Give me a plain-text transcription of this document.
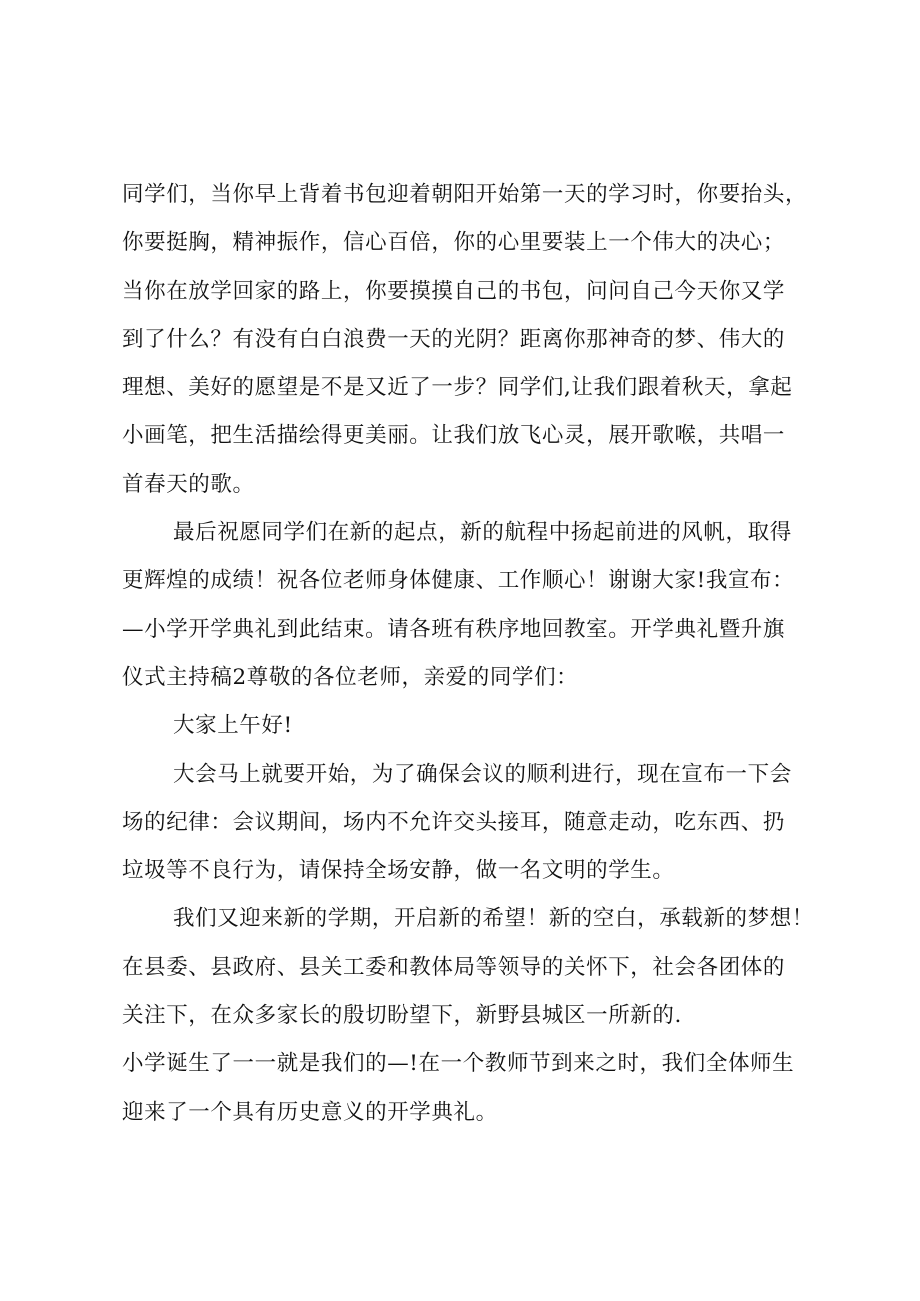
同学们，当你早上背着书包迎着朝阳开始第一天的学习时，你要抬头，
你要挺胸，精神振作，信心百倍，你的心里要装上一个伟大的决心；
当你在放学回家的路上，你要摸摸自己的书包，问问自己今天你又学
到了什么？有没有白白浪费一天的光阴？距离你那神奇的梦、伟大的
理想、美好的愿望是不是又近了一步？同学们,让我们跟着秋天，拿起
小画笔，把生活描绘得更美丽。让我们放飞心灵，展开歌喉，共唱一
首春天的歌。
最后祝愿同学们在新的起点，新的航程中扬起前进的风帆，取得
更辉煌的成绩！祝各位老师身体健康、工作顺心！谢谢大家!我宣布：
—小学开学典礼到此结束。请各班有秩序地回教室。开学典礼暨升旗
仪式主持稿2尊敬的各位老师，亲爱的同学们：
大家上午好!
大会马上就要开始，为了确保会议的顺利进行，现在宣布一下会
场的纪律：会议期间，场内不允许交头接耳，随意走动，吃东西、扔
垃圾等不良行为，请保持全场安静，做一名文明的学生。
我们又迎来新的学期，开启新的希望！新的空白，承载新的梦想！
在县委、县政府、县关工委和教体局等领导的关怀下，社会各团体的
关注下，在众多家长的殷切盼望下，新野县城区一所新的.
小学诞生了一一就是我们的—!在一个教师节到来之时，我们全体师生
迎来了一个具有历史意义的开学典礼。
